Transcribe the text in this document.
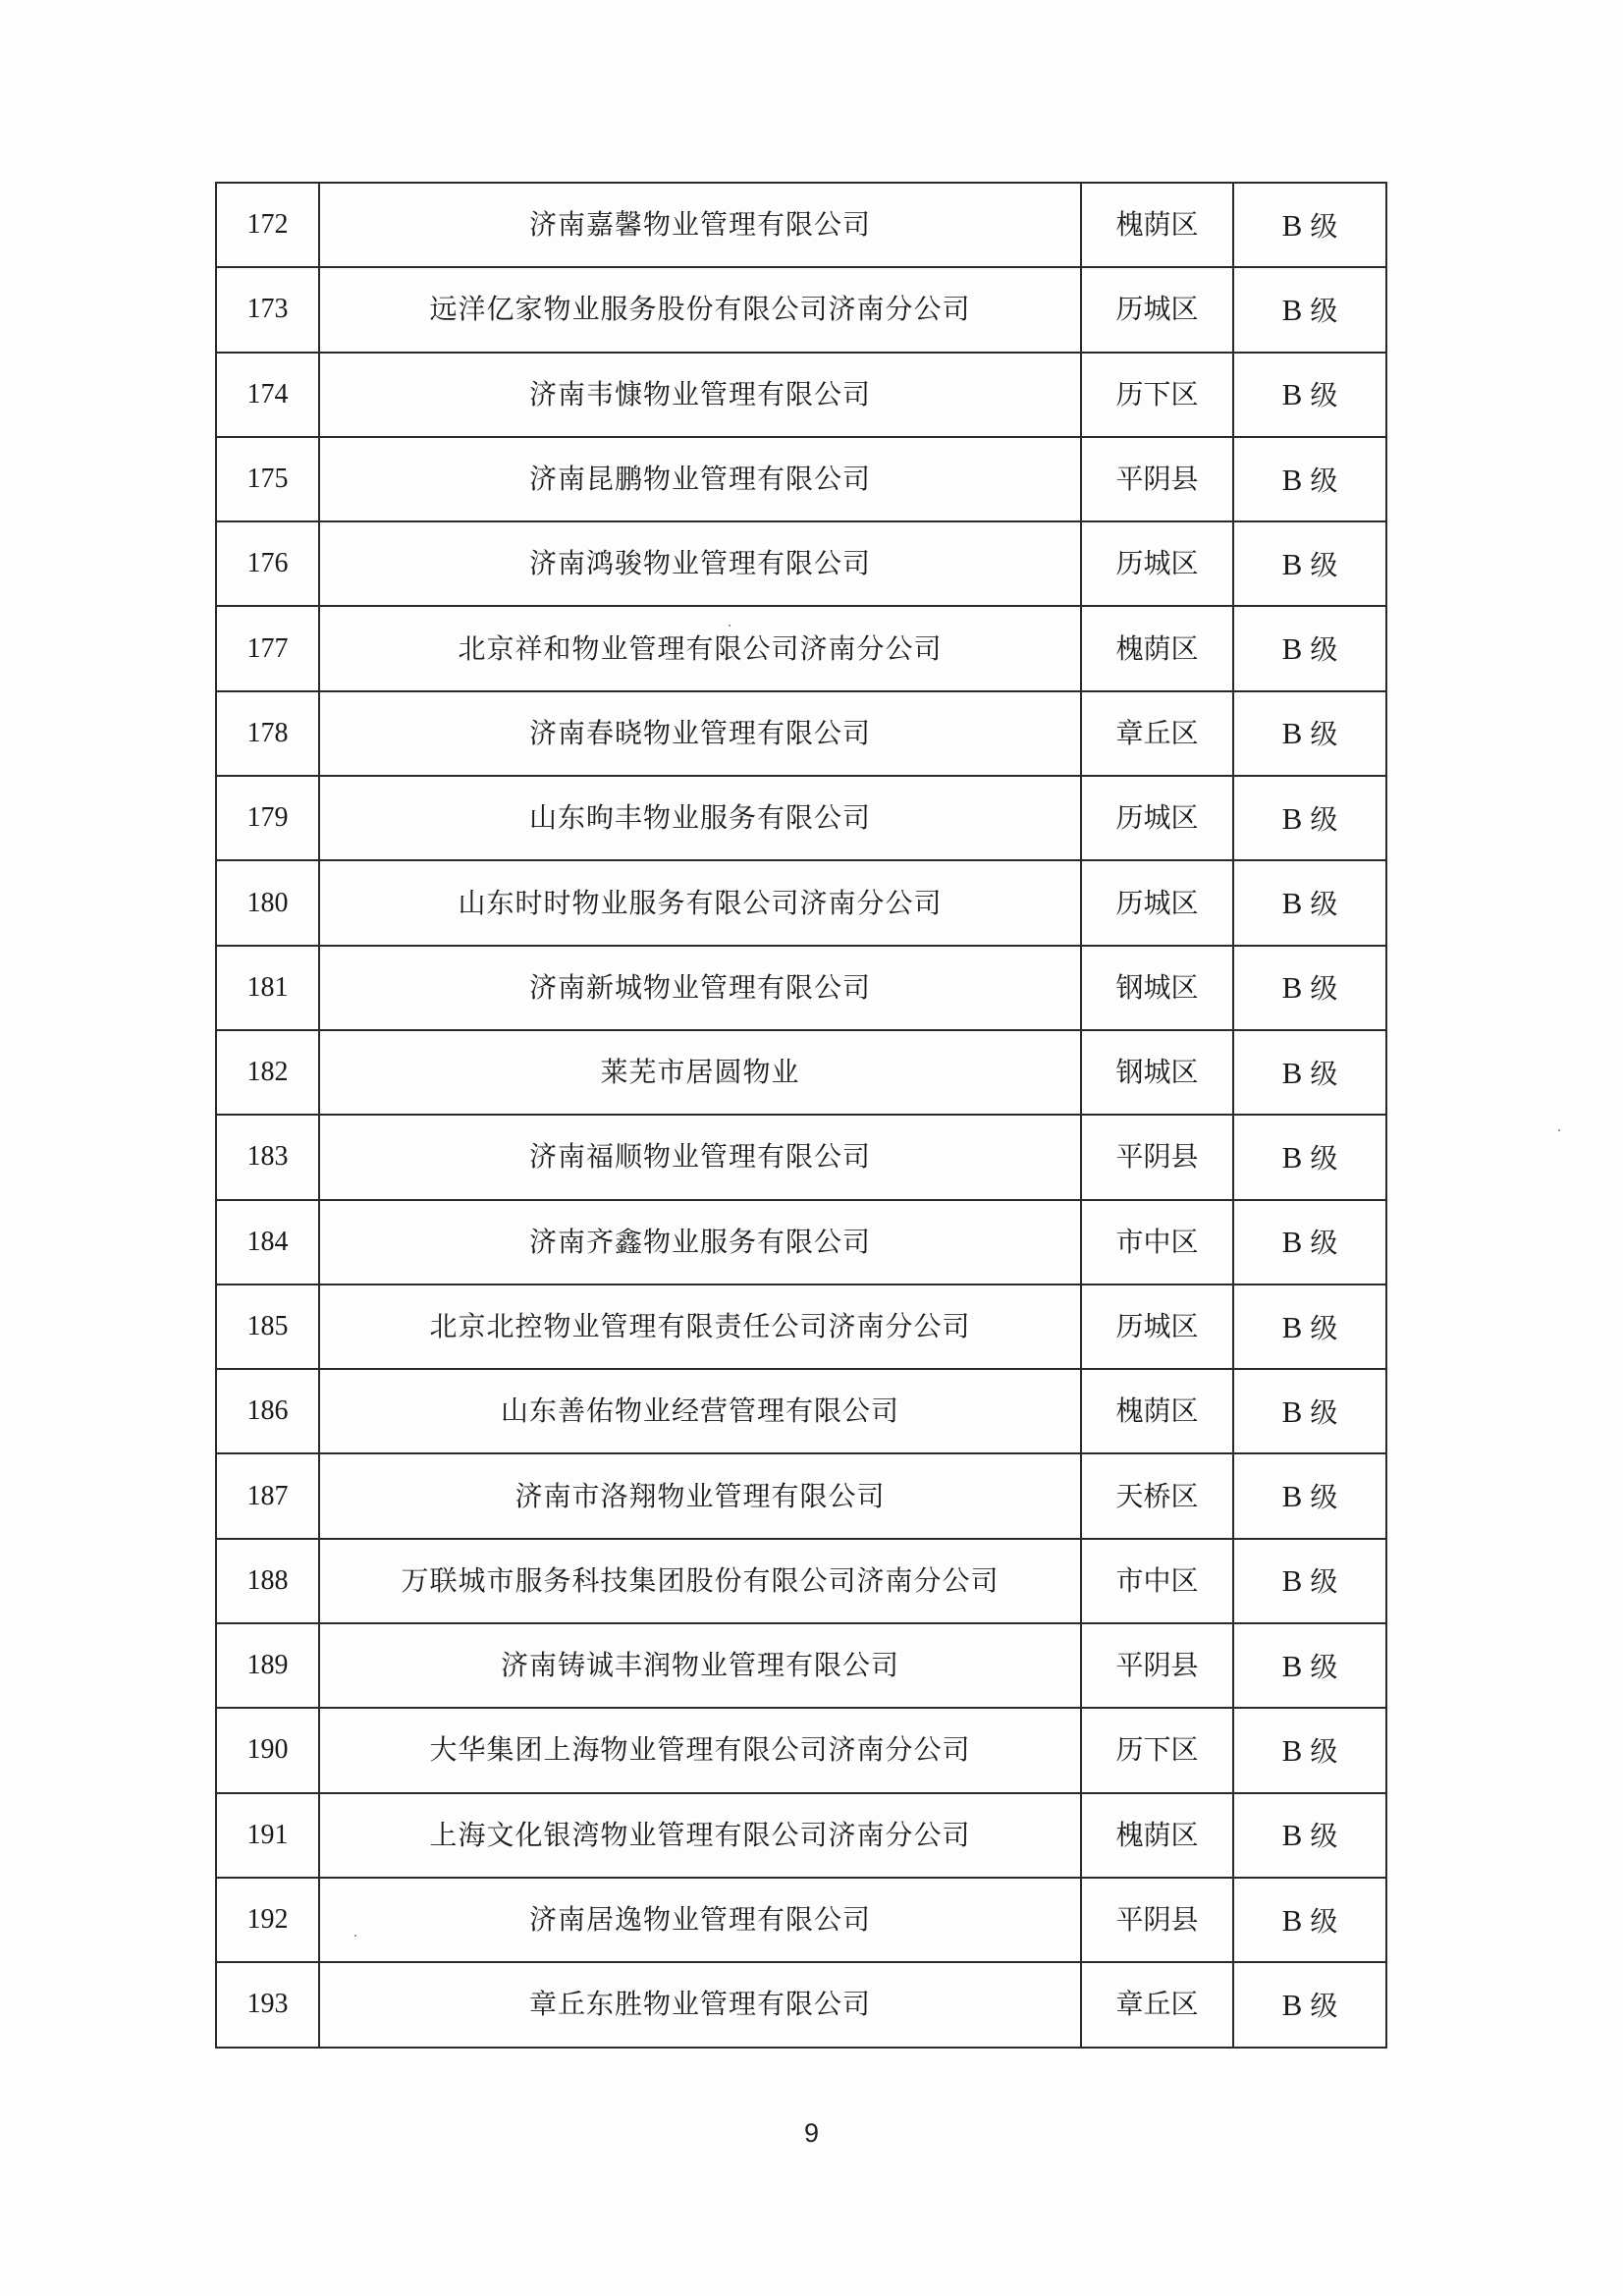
172	济南嘉馨物业管理有限公司	槐荫区	B 级
173	远洋亿家物业服务股份有限公司济南分公司	历城区	B 级
174	济南韦慷物业管理有限公司	历下区	B 级
175	济南昆鹏物业管理有限公司	平阴县	B 级
176	济南鸿骏物业管理有限公司	历城区	B 级
177	北京祥和物业管理有限公司济南分公司	槐荫区	B 级
178	济南春晓物业管理有限公司	章丘区	B 级
179	山东昫丰物业服务有限公司	历城区	B 级
180	山东时时物业服务有限公司济南分公司	历城区	B 级
181	济南新城物业管理有限公司	钢城区	B 级
182	莱芜市居圆物业	钢城区	B 级
183	济南福顺物业管理有限公司	平阴县	B 级
184	济南齐鑫物业服务有限公司	市中区	B 级
185	北京北控物业管理有限责任公司济南分公司	历城区	B 级
186	山东善佑物业经营管理有限公司	槐荫区	B 级
187	济南市洛翔物业管理有限公司	天桥区	B 级
188	万联城市服务科技集团股份有限公司济南分公司	市中区	B 级
189	济南铸诚丰润物业管理有限公司	平阴县	B 级
190	大华集团上海物业管理有限公司济南分公司	历下区	B 级
191	上海文化银湾物业管理有限公司济南分公司	槐荫区	B 级
192	济南居逸物业管理有限公司	平阴县	B 级
193	章丘东胜物业管理有限公司	章丘区	B 级
9
